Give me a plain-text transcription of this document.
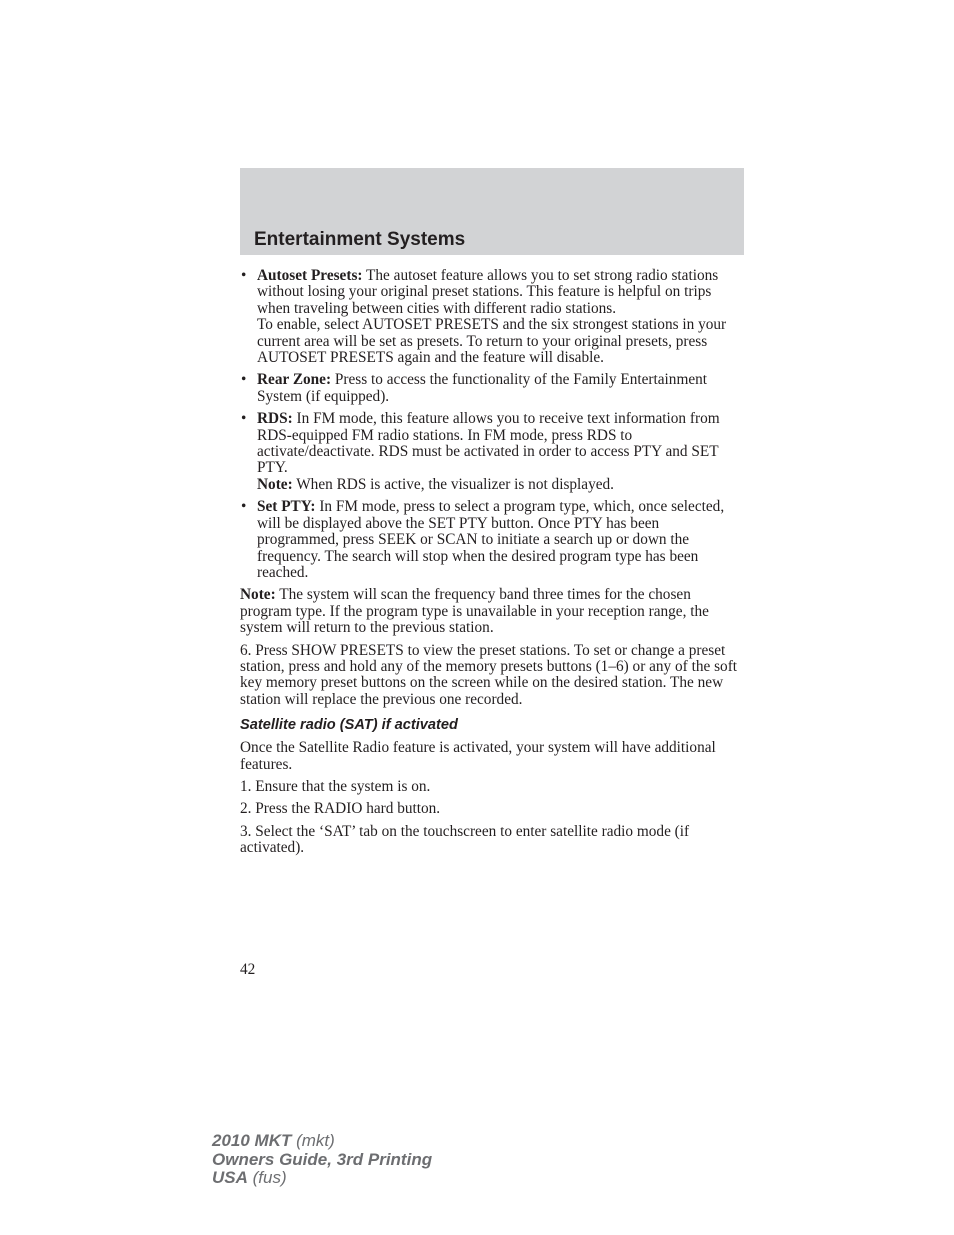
Entertainment Systems
• Autoset Presets: The autoset feature allows you to set strong radio stations without losing your original preset stations. This feature is helpful on trips when traveling between cities with different radio stations.
To enable, select AUTOSET PRESETS and the six strongest stations in your current area will be set as presets. To return to your original presets, press AUTOSET PRESETS again and the feature will disable.
• Rear Zone: Press to access the functionality of the Family Entertainment System (if equipped).
• RDS: In FM mode, this feature allows you to receive text information from RDS-equipped FM radio stations. In FM mode, press RDS to activate/deactivate. RDS must be activated in order to access PTY and SET PTY.
Note: When RDS is active, the visualizer is not displayed.
• Set PTY: In FM mode, press to select a program type, which, once selected, will be displayed above the SET PTY button. Once PTY has been programmed, press SEEK or SCAN to initiate a search up or down the frequency. The search will stop when the desired program type has been reached.

Note: The system will scan the frequency band three times for the chosen program type. If the program type is unavailable in your reception range, the system will return to the previous station.

6. Press SHOW PRESETS to view the preset stations. To set or change a preset station, press and hold any of the memory presets buttons (1–6) or any of the soft key memory preset buttons on the screen while on the desired station. The new station will replace the previous one recorded.

Satellite radio (SAT) if activated

Once the Satellite Radio feature is activated, your system will have additional features.

1. Ensure that the system is on.

2. Press the RADIO hard button.

3. Select the ‘SAT’ tab on the touchscreen to enter satellite radio mode (if activated).

42
2010 MKT (mkt)
Owners Guide, 3rd Printing
USA (fus)
